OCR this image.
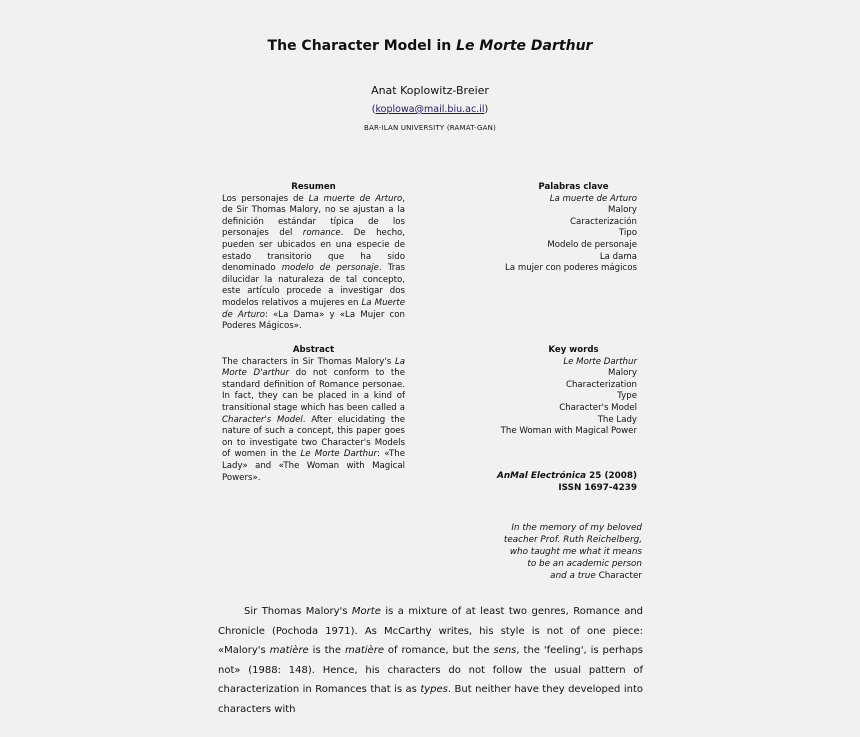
The Character Model in Le Morte Darthur
Anat Koplowitz-Breier
(koplowa@mail.biu.ac.il)
BAR-ILAN UNIVERSITY (RAMAT-GAN)
Resumen

Los personajes de La muerte de Arturo, de Sir Thomas Malory, no se ajustan a la definición estándar típica de los personajes del romance. De hecho, pueden ser ubicados en una especie de estado transitorio que ha sido denominado modelo de personaje. Tras dilucidar la naturaleza de tal concepto, este artículo procede a investigar dos modelos relativos a mujeres en La Muerte de Arturo: «La Dama» y «La Mujer con Poderes Mágicos».

Palabras clave
La muerte de Arturo
Malory
Caracterización
Tipo
Modelo de personaje
La dama
La mujer con poderes mágicos
Abstract

The characters in Sir Thomas Malory's La Morte D'arthur do not conform to the standard definition of Romance personae. In fact, they can be placed in a kind of transitional stage which has been called a Character's Model. After elucidating the nature of such a concept, this paper goes on to investigate two Character's Models of women in the Le Morte Darthur: «The Lady» and «The Woman with Magical Powers».

Key words
Le Morte Darthur
Malory
Characterization
Type
Character's Model
The Lady
The Woman with Magical Power
AnMal Electrónica 25 (2008)
ISSN 1697-4239
In the memory of my beloved
teacher Prof. Ruth Reichelberg,
who taught me what it means
to be an academic person
and a true Character

Sir Thomas Malory's Morte is a mixture of at least two genres, Romance and Chronicle (Pochoda 1971). As McCarthy writes, his style is not of one piece: «Malory's matière is the matière of romance, but the sens, the 'feeling', is perhaps not» (1988: 148). Hence, his characters do not follow the usual pattern of characterization in Romances that is as types. But neither have they developed into characters with
